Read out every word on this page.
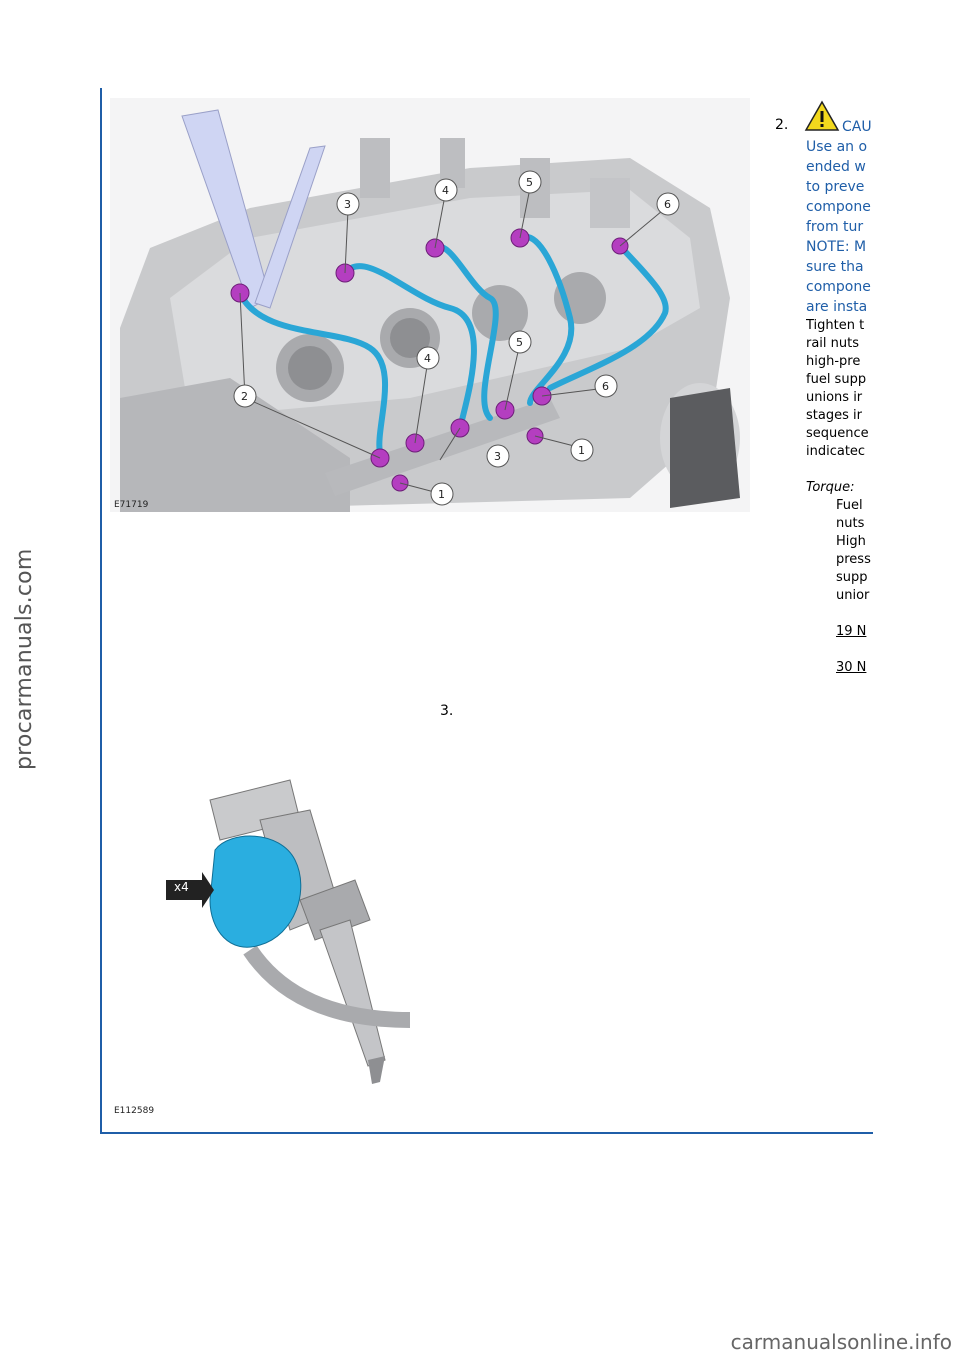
procarmanuals.com
carmanualsonline.info
3
4
5
6
2
4
5
6
1
3
1
E71719
2.	CAU
Use an o
ended w
to preve
compone
from tur
NOTE: M
sure tha
compone
are insta
Tighten t
rail nuts
high-pre
fuel supp
unions ir
stages ir
sequence
indicatec
Torque:
Fuel
nuts
High
press
supp
unior
19 N
30 N
3.
x4
E112589
